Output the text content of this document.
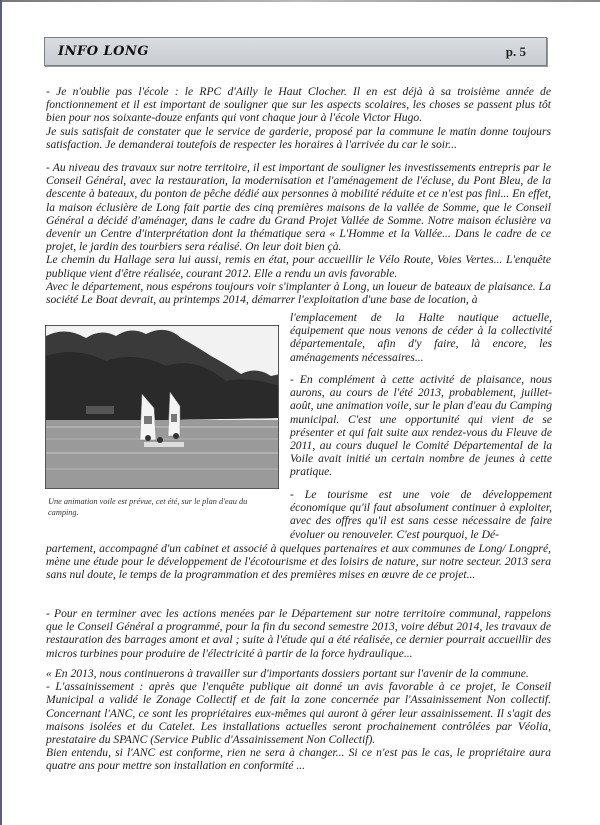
INFO LONG	p. 5

- Je n'oublie pas l'école : le RPC d'Ailly le Haut Clocher. Il en est déjà à sa troisième année de fonctionnement et il est important de souligner que sur les aspects scolaires, les choses se passent plus tôt bien pour nos soixante-douze enfants qui vont chaque jour à l'école Victor Hugo.

Je suis satisfait de constater que le service de garderie, proposé par la commune le matin donne toujours satisfaction. Je demanderai toutefois de respecter les horaires à l'arrivée du car le soir...

- Au niveau des travaux sur notre territoire, il est important de souligner les investissements entrepris par le Conseil Général, avec la restauration, la modernisation et l'aménagement de l'écluse, du Pont Bleu, de la descente à bateaux, du ponton de pêche dédié aux personnes à mobilité réduite et ce n'est pas fini... En effet, la maison éclusière de Long fait partie des cinq premières maisons de la vallée de Somme, que le Conseil Général a décidé d'aménager, dans le cadre du Grand Projet Vallée de Somme. Notre maison éclusière va devenir un Centre d'interprétation dont la thématique sera « L'Homme et la Vallée... Dans le cadre de ce projet, le jardin des tourbiers sera réalisé. On leur doit bien çà.

Le chemin du Hallage sera lui aussi, remis en état, pour accueillir le Vélo Route, Voies Vertes... L'enquête publique vient d'être réalisée, courant 2012. Elle a rendu un avis favorable.

Avec le département, nous espérons toujours voir s'implanter à Long, un loueur de bateaux de plaisance. La société Le Boat devrait, au printemps 2014, démarrer l'exploitation d'une base de location, à

l'emplacement de la Halte nautique actuelle, équipement que nous venons de céder à la collectivité départementale, afin d'y faire, là encore, les aménagements nécessaires...

Une animation voile est prévue, cet été, sur le plan d'eau du camping.

- En complément à cette activité de plaisance, nous aurons, au cours de l'été 2013, probablement, juillet-août, une animation voile, sur le plan d'eau du Camping municipal. C'est une opportunité qui vient de se présenter et qui fait suite aux rendez-vous du Fleuve de 2011, au cours duquel le Comité Départemental de la Voile avait initié un certain nombre de jeunes à cette pratique.

- Le tourisme est une voie de développement économique qu'il faut absolument continuer à exploiter, avec des offres qu'il est sans cesse nécessaire de faire évoluer ou renouveler. C'est pourquoi, le Dé-

partement, accompagné d'un cabinet et associé à quelques partenaires et aux communes de Long/ Longpré, mène une étude pour le développement de l'écotourisme et des loisirs de nature, sur notre secteur. 2013 sera sans nul doute, le temps de la programmation et des premières mises en œuvre de ce projet...

- Pour en terminer avec les actions menées par le Département sur notre territoire communal, rappelons que le Conseil Général a programmé, pour la fin du second semestre 2013, voire début 2014, les travaux de restauration des barrages amont et aval ; suite à l'étude qui a été réalisée, ce dernier pourrait accueillir des micros turbines pour produire de l'électricité à partir de la force hydraulique...

« En 2013, nous continuerons à travailler sur d'importants dossiers portant sur l'avenir de la commune.

- L'assainissement : après que l'enquête publique ait donné un avis favorable à ce projet, le Conseil Municipal a validé le Zonage Collectif et de fait la zone concernée par l'Assainissement Non collectif. Concernant l'ANC, ce sont les propriétaires eux-mêmes qui auront à gérer leur assainissement. Il s'agit des maisons isolées et du Catelet. Les installations actuelles seront prochainement contrôlées par Véolia, prestataire du SPANC (Service Public d'Assainissement Non Collectif).

Bien entendu, si l'ANC est conforme, rien ne sera à changer... Si ce n'est pas le cas, le propriétaire aura quatre ans pour mettre son installation en conformité ...
